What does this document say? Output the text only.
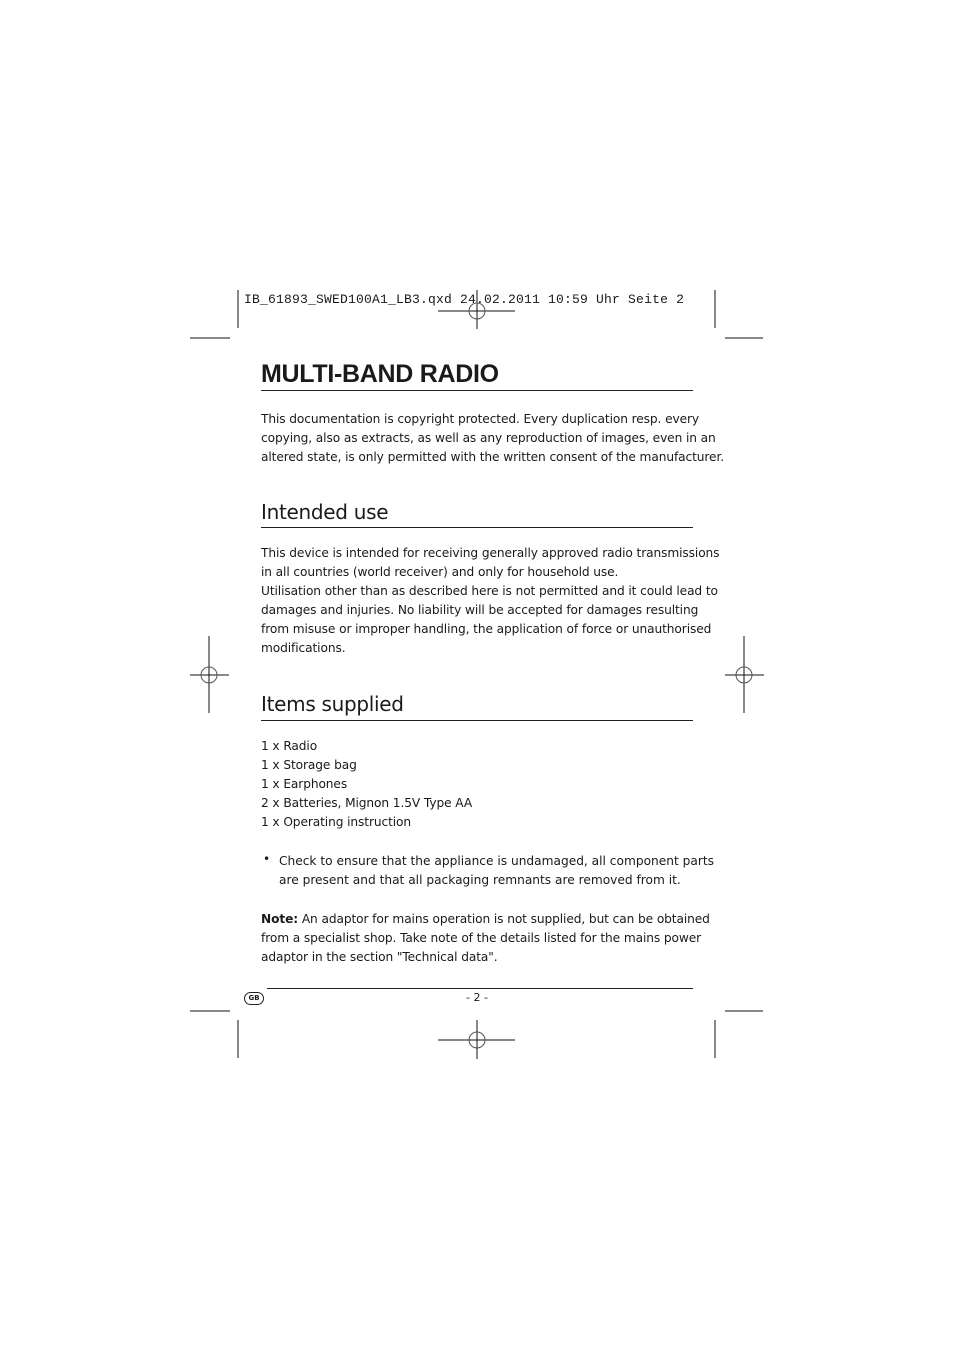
IB_61893_SWED100A1_LB3.qxd 24.02.2011 10:59 Uhr Seite 2
MULTI-BAND RADIO
This documentation is copyright protected. Every duplication resp. every
copying, also as extracts, as well as any reproduction of images, even in an
altered state, is only permitted with the written consent of the manufacturer.
Intended use
This device is intended for receiving generally approved radio transmissions
in all countries (world receiver) and only for household use.
Utilisation other than as described here is not permitted and it could lead to
damages and injuries. No liability will be accepted for damages resulting
from misuse or improper handling, the application of force or unauthorised
modifications.
Items supplied
1 x Radio
1 x Storage bag
1 x Earphones
2 x Batteries, Mignon 1.5V Type AA
1 x Operating instruction
• Check to ensure that the appliance is undamaged, all component parts
are present and that all packaging remnants are removed from it.
Note: An adaptor for mains operation is not supplied, but can be obtained
from a specialist shop. Take note of the details listed for the mains power
adaptor in the section "Technical data".
GB	- 2 -
